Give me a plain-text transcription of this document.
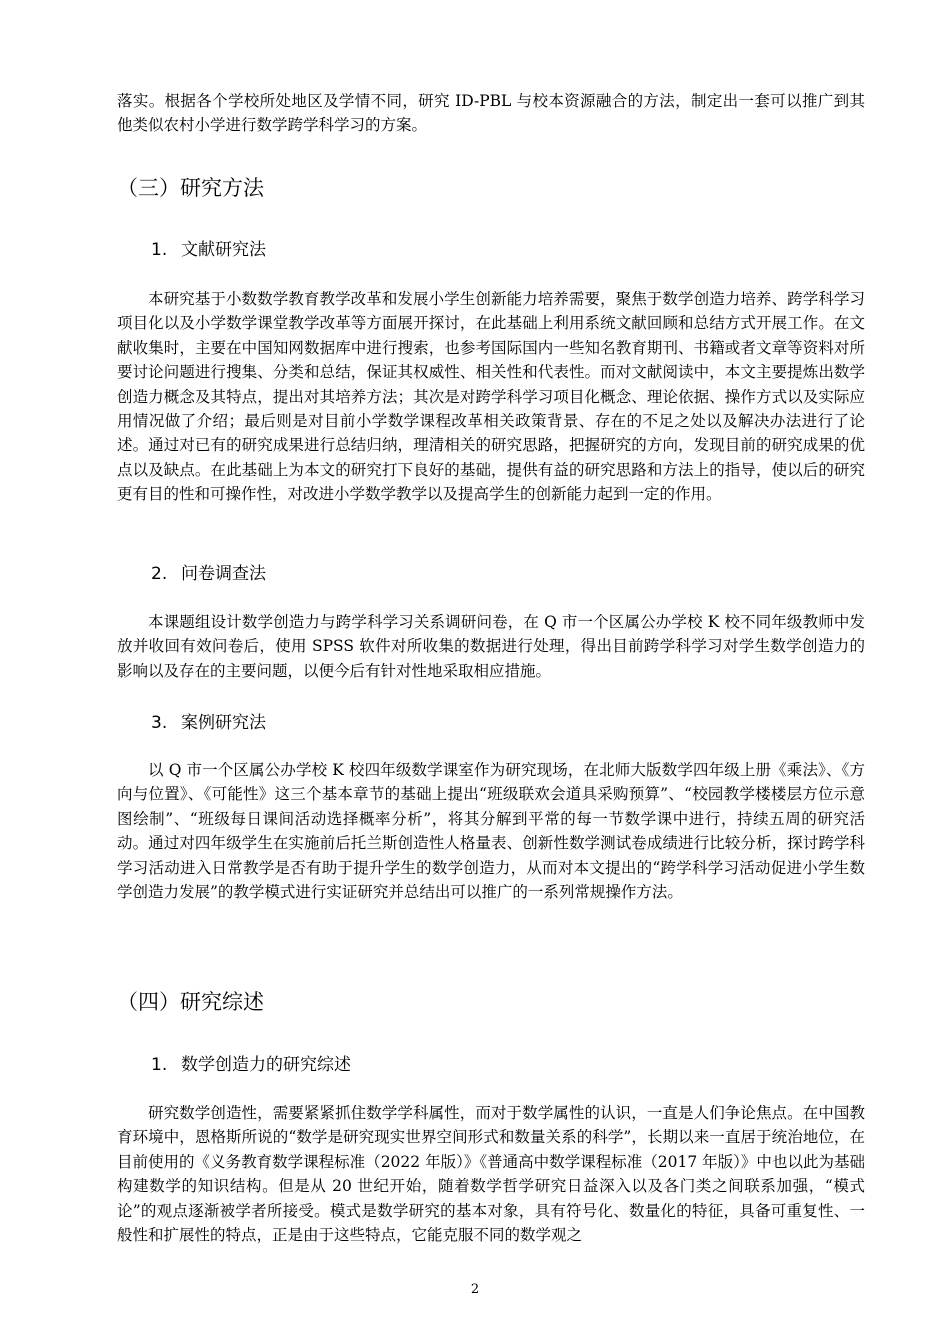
落实。根据各个学校所处地区及学情不同，研究 ID-PBL 与校本资源融合的方法，制定出一套可以推广到其他类似农村小学进行数学跨学科学习的方案。

（三）研究方法
1. 文献研究法

本研究基于小数数学教育教学改革和发展小学生创新能力培养需要，聚焦于数学创造力培养、跨学科学习项目化以及小学数学课堂教学改革等方面展开探讨，在此基础上利用系统文献回顾和总结方式开展工作。在文献收集时，主要在中国知网数据库中进行搜索，也参考国际国内一些知名教育期刊、书籍或者文章等资料对所要讨论问题进行搜集、分类和总结，保证其权威性、相关性和代表性。而对文献阅读中，本文主要提炼出数学创造力概念及其特点，提出对其培养方法；其次是对跨学科学习项目化概念、理论依据、操作方式以及实际应用情况做了介绍；最后则是对目前小学数学课程改革相关政策背景、存在的不足之处以及解决办法进行了论述。通过对已有的研究成果进行总结归纳，理清相关的研究思路，把握研究的方向，发现目前的研究成果的优点以及缺点。在此基础上为本文的研究打下良好的基础，提供有益的研究思路和方法上的指导，使以后的研究更有目的性和可操作性，对改进小学数学教学以及提高学生的创新能力起到一定的作用。

2. 问卷调查法

本课题组设计数学创造力与跨学科学习关系调研问卷，在 Q 市一个区属公办学校 K 校不同年级教师中发放并收回有效问卷后，使用 SPSS 软件对所收集的数据进行处理，得出目前跨学科学习对学生数学创造力的影响以及存在的主要问题，以便今后有针对性地采取相应措施。

3. 案例研究法

以 Q 市一个区属公办学校 K 校四年级数学课室作为研究现场，在北师大版数学四年级上册《乘法》、《方向与位置》、《可能性》这三个基本章节的基础上提出“班级联欢会道具采购预算”、“校园教学楼楼层方位示意图绘制”、“班级每日课间活动选择概率分析”，将其分解到平常的每一节数学课中进行，持续五周的研究活动。通过对四年级学生在实施前后托兰斯创造性人格量表、创新性数学测试卷成绩进行比较分析，探讨跨学科学习活动进入日常教学是否有助于提升学生的数学创造力，从而对本文提出的“跨学科学习活动促进小学生数学创造力发展”的教学模式进行实证研究并总结出可以推广的一系列常规操作方法。

（四）研究综述
1. 数学创造力的研究综述

研究数学创造性，需要紧紧抓住数学学科属性，而对于数学属性的认识，一直是人们争论焦点。在中国教育环境中，恩格斯所说的“数学是研究现实世界空间形式和数量关系的科学”，长期以来一直居于统治地位，在目前使用的《义务教育数学课程标准（2022 年版）》《普通高中数学课程标准（2017 年版）》中也以此为基础构建数学的知识结构。但是从 20 世纪开始，随着数学哲学研究日益深入以及各门类之间联系加强，“模式论”的观点逐渐被学者所接受。模式是数学研究的基本对象，具有符号化、数量化的特征，具备可重复性、一般性和扩展性的特点，正是由于这些特点，它能克服不同的数学观之

2
